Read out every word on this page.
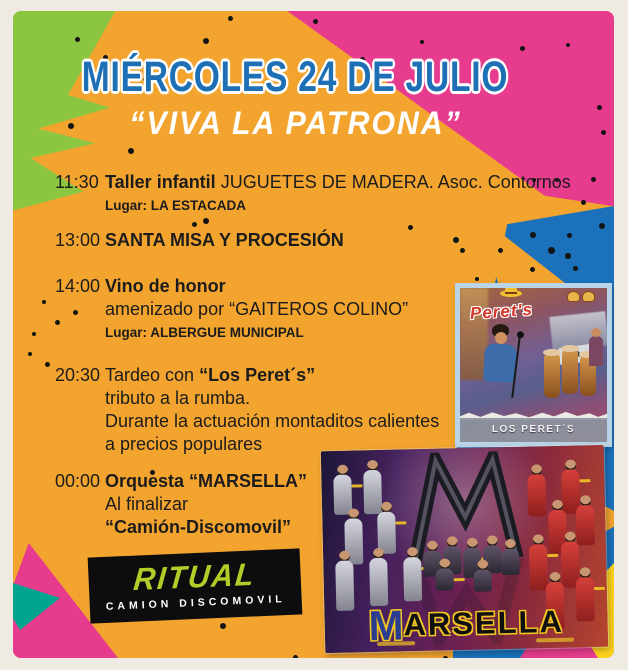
MIÉRCOLES 24 DE JULIO
“VIVA LA PATRONA”
11:30 Taller infantil JUGUETES DE MADERA. Asoc. Contornos
Lugar: LA ESTACADA
13:00 SANTA MISA Y PROCESIÓN
14:00 Vino de honor
amenizado por “GAITEROS COLINO”
Lugar: ALBERGUE MUNICIPAL
20:30 Tardeo con “Los Peret´s”
tributo a la rumba.
Durante la actuación montaditos calientes
a precios populares
00:00 Orquesta “MARSELLA”
Al finalizar
“Camión-Discomovil”
Peret's
LOS PERET´S
MARSELLA
RITUAL
CAMION DISCOMOVIL
